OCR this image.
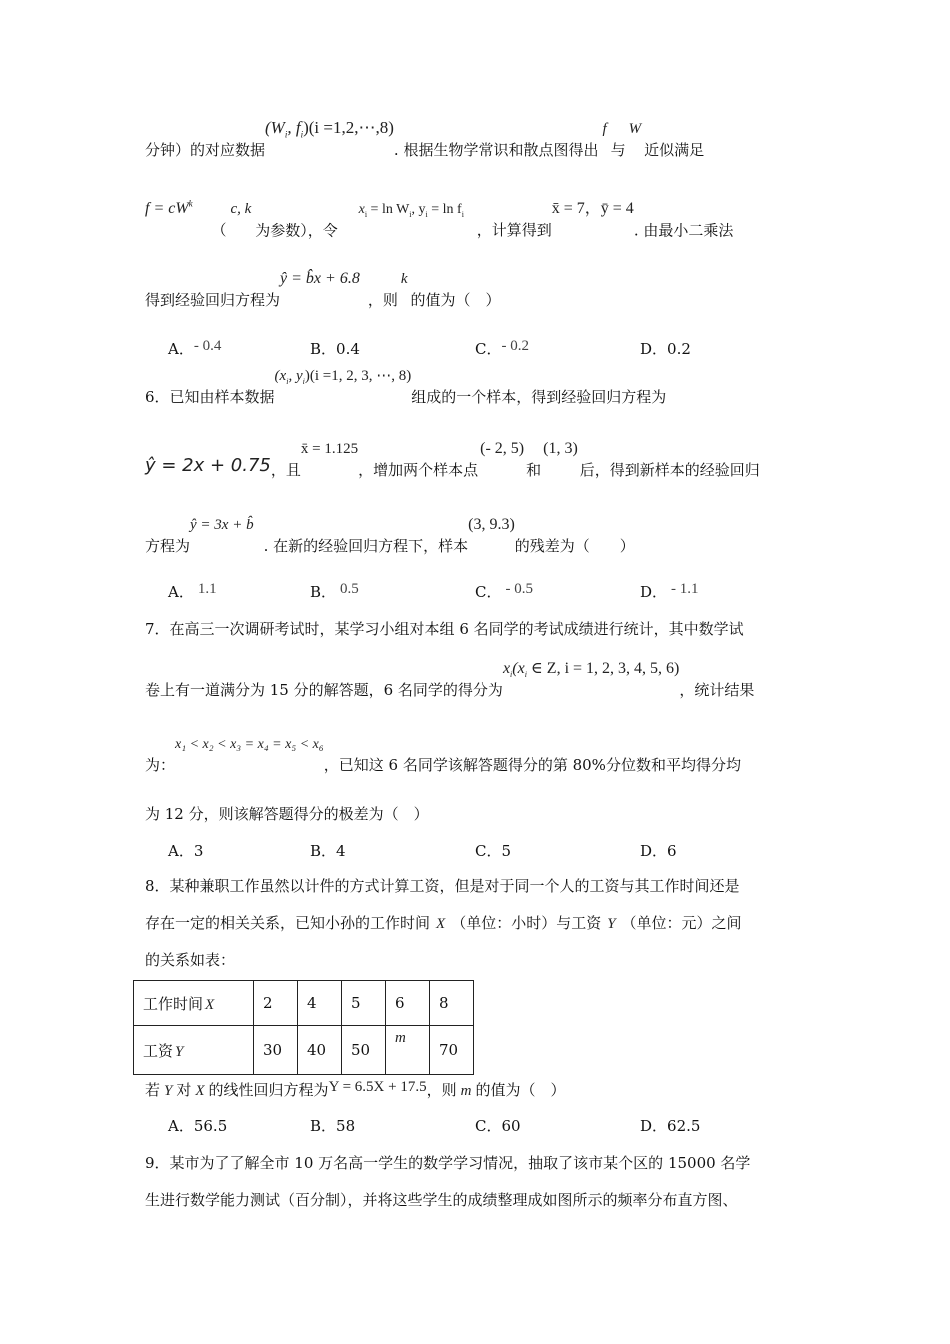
分钟）的对应数据($W_i$, $f_i)(i$ =1,2,⋯,8). 根据生物学常识和散点图得出f与W近似满足
$f = cW^k$ （c, k为参数），令 $x_i = \ln W_i$, $y_i = \ln f_i$ ，计算得到x̄ = 7，ȳ = 4. 由最小二乘法
得到经验回归方程为ŷ = b̂x + 6.8，则k的值为（　）
A．- 0.4	B．0.4	C．- 0.2	D．0.2
6．已知由样本数据($x_i$, $y_i)(i =1$, 2, 3, ⋯, 8)组成的一个样本，得到经验回归方程为
ŷ = 2x + 0.75，且x̄ = 1.125，增加两个样本点(- 2, 5)和(1, 3)后，得到新样本的经验回归
方程为ŷ = 3x + b̂. 在新的经验回归方程下，样本(3, 9.3)的残差为（　　）
A． 1.1	B． 0.5	C． - 0.5	D． - 1.1
7．在高三一次调研考试时，某学习小组对本组 6 名同学的考试成绩进行统计，其中数学试
卷上有一道满分为 15 分的解答题，6 名同学的得分为$x_i(x_i$ ∈ Z, i = 1, 2, 3, 4, 5, 6)，统计结果
为：x₁ < x₂ < x₃ = x₄ = x₅ < x₆，已知这 6 名同学该解答题得分的第 80%分位数和平均得分均
为 12 分，则该解答题得分的极差为（　）
A．3	B．4	C．5	D．6
8．某种兼职工作虽然以计件的方式计算工资，但是对于同一个人的工资与其工作时间还是
存在一定的相关关系，已知小孙的工作时间 X （单位：小时）与工资 Y （单位：元）之间
的关系如表：
工作时间 X	2	4	5	6	8
工资 Y	30	40	50	m	70
若 Y 对 X 的线性回归方程为Y = 6.5X + 17.5，则 m 的值为（　）
A．56.5	B．58	C．60	D．62.5
9．某市为了了解全市 10 万名高一学生的数学学习情况，抽取了该市某个区的 15000 名学
生进行数学能力测试（百分制），并将这些学生的成绩整理成如图所示的频率分布直方图、
